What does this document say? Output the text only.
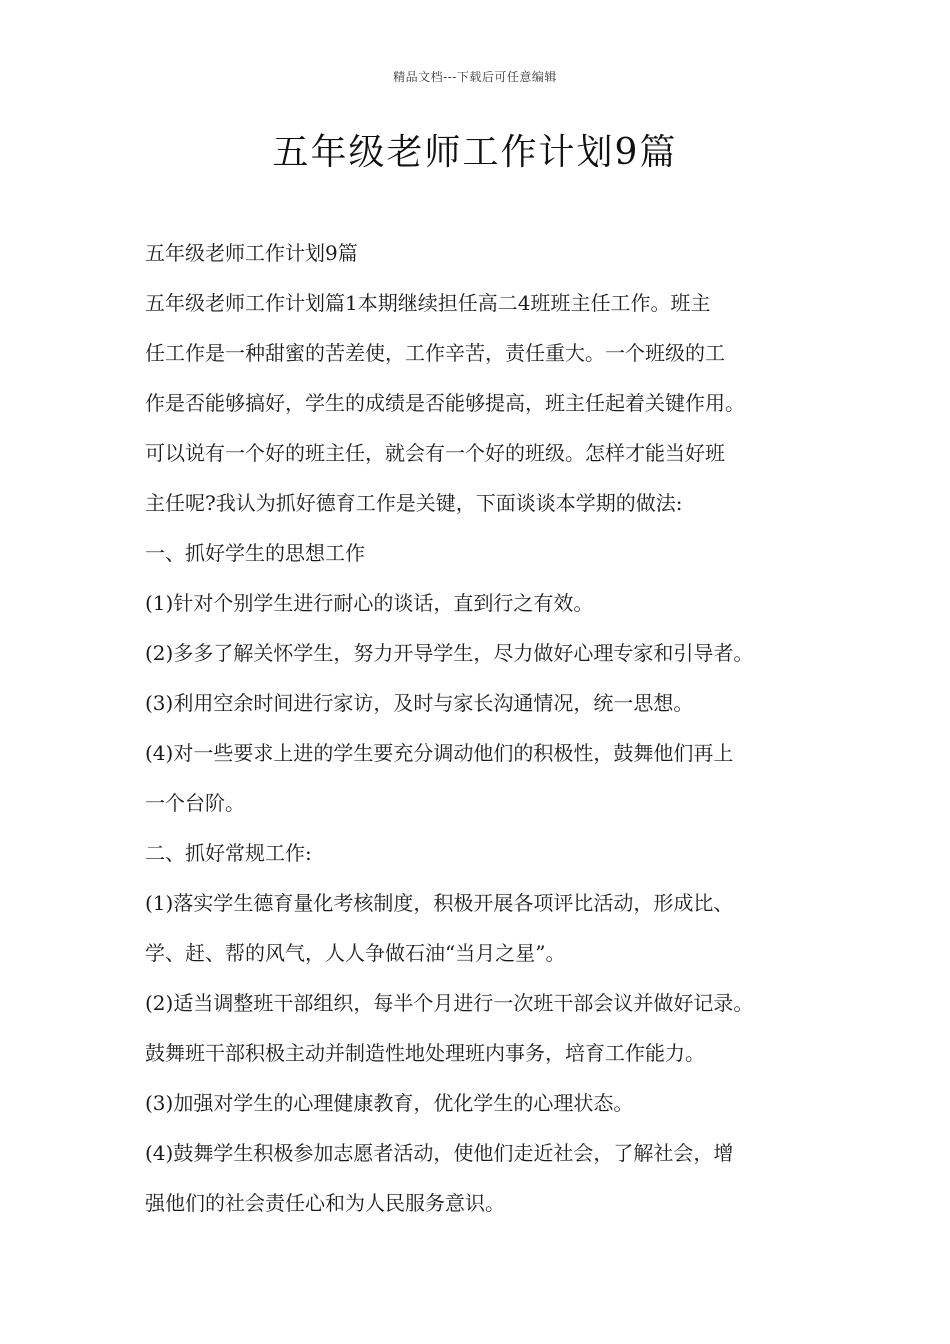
精品文档---下载后可任意编辑
五年级老师工作计划9篇
五年级老师工作计划9篇
五年级老师工作计划篇1本期继续担任高二4班班主任工作。班主
任工作是一种甜蜜的苦差使，工作辛苦，责任重大。一个班级的工
作是否能够搞好，学生的成绩是否能够提高，班主任起着关键作用。
可以说有一个好的班主任，就会有一个好的班级。怎样才能当好班
主任呢?我认为抓好德育工作是关键，下面谈谈本学期的做法:
一、抓好学生的思想工作
(1)针对个别学生进行耐心的谈话，直到行之有效。
(2)多多了解关怀学生，努力开导学生，尽力做好心理专家和引导者。
(3)利用空余时间进行家访，及时与家长沟通情况，统一思想。
(4)对一些要求上进的学生要充分调动他们的积极性，鼓舞他们再上
一个台阶。
二、抓好常规工作:
(1)落实学生德育量化考核制度，积极开展各项评比活动，形成比、
学、赶、帮的风气，人人争做石油“当月之星”。
(2)适当调整班干部组织，每半个月进行一次班干部会议并做好记录。
鼓舞班干部积极主动并制造性地处理班内事务，培育工作能力。
(3)加强对学生的心理健康教育，优化学生的心理状态。
(4)鼓舞学生积极参加志愿者活动，使他们走近社会，了解社会，增
强他们的社会责任心和为人民服务意识。
